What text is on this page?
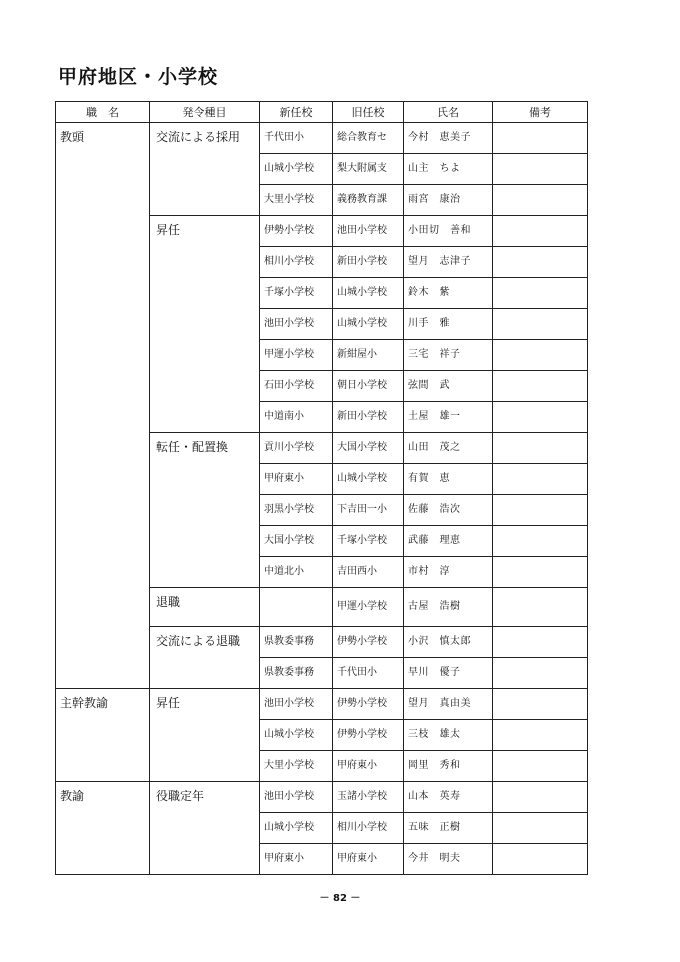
甲府地区・小学校
職　名	発令種目	新任校	旧任校	氏名	備考
教頭	交流による採用	千代田小	総合教育セ	今村　恵美子	
		山城小学校	梨大附属支	山主　ちよ	
		大里小学校	義務教育課	雨宮　康治	
	昇任	伊勢小学校	池田小学校	小田切　善和	
		相川小学校	新田小学校	望月　志津子	
		千塚小学校	山城小学校	鈴木　紫	
		池田小学校	山城小学校	川手　雅	
		甲運小学校	新紺屋小	三宅　祥子	
		石田小学校	朝日小学校	弦間　武	
		中道南小	新田小学校	土屋　雄一	
	転任・配置換	貢川小学校	大国小学校	山田　茂之	
		甲府東小	山城小学校	有賀　恵	
		羽黒小学校	下吉田一小	佐藤　浩次	
		大国小学校	千塚小学校	武藤　理恵	
		中道北小	吉田西小	市村　淳	
	退職		甲運小学校	古屋　浩樹	
	交流による退職	県教委事務	伊勢小学校	小沢　慎太郎	
		県教委事務	千代田小	早川　優子	
主幹教諭	昇任	池田小学校	伊勢小学校	望月　真由美	
		山城小学校	伊勢小学校	三枝　雄太	
		大里小学校	甲府東小	岡里　秀和	
教諭	役職定年	池田小学校	玉諸小学校	山本　英寿	
		山城小学校	相川小学校	五味　正樹	
		甲府東小	甲府東小	今井　明夫	
－ 82 －
